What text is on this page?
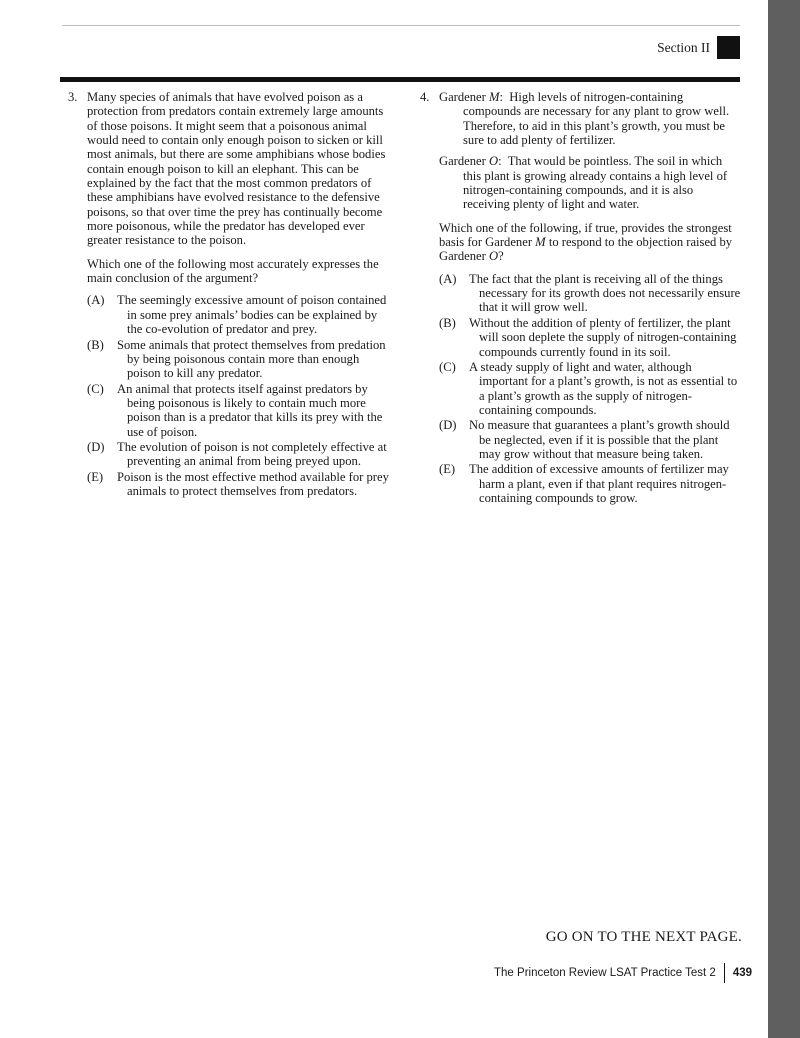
Section II
3. Many species of animals that have evolved poison as a protection from predators contain extremely large amounts of those poisons. It might seem that a poisonous animal would need to contain only enough poison to sicken or kill most animals, but there are some amphibians whose bodies contain enough poison to kill an elephant. This can be explained by the fact that the most common predators of these amphibians have evolved resistance to the defensive poisons, so that over time the prey has continually become more poisonous, while the predator has developed ever greater resistance to the poison.
Which one of the following most accurately expresses the main conclusion of the argument?
(A) The seemingly excessive amount of poison contained in some prey animals’ bodies can be explained by the co-evolution of predator and prey.
(B)	Some animals that protect themselves from predation by being poisonous contain more than enough poison to kill any predator.
(C)	An animal that protects itself against predators by being poisonous is likely to contain much more poison than is a predator that kills its prey with the use of poison.
(D) The evolution of poison is not completely effective at preventing an animal from being preyed upon.
(E)	Poison is the most effective method available for prey animals to protect themselves from predators.
4. Gardener M:  High levels of nitrogen-containing compounds are necessary for any plant to grow well. Therefore, to aid in this plant’s growth, you must be sure to add plenty of fertilizer.
Gardener O:  That would be pointless. The soil in which this plant is growing already contains a high level of nitrogen-containing compounds, and it is also receiving plenty of light and water.
Which one of the following, if true, provides the strongest basis for Gardener M to respond to the objection raised by Gardener O?
(A) The fact that the plant is receiving all of the things necessary for its growth does not necessarily ensure that it will grow well.
(B)	Without the addition of plenty of fertilizer, the plant will soon deplete the supply of nitrogen-containing compounds currently found in its soil.
(C)	A steady supply of light and water, although important for a plant’s growth, is not as essential to a plant’s growth as the supply of nitrogen-containing compounds.
(D) No measure that guarantees a plant’s growth should be neglected, even if it is possible that the plant may grow without that measure being taken.
(E)	The addition of excessive amounts of fertilizer may harm a plant, even if that plant requires nitrogen-containing compounds to grow.
GO ON TO THE NEXT PAGE.
The Princeton Review LSAT Practice Test 2 439
